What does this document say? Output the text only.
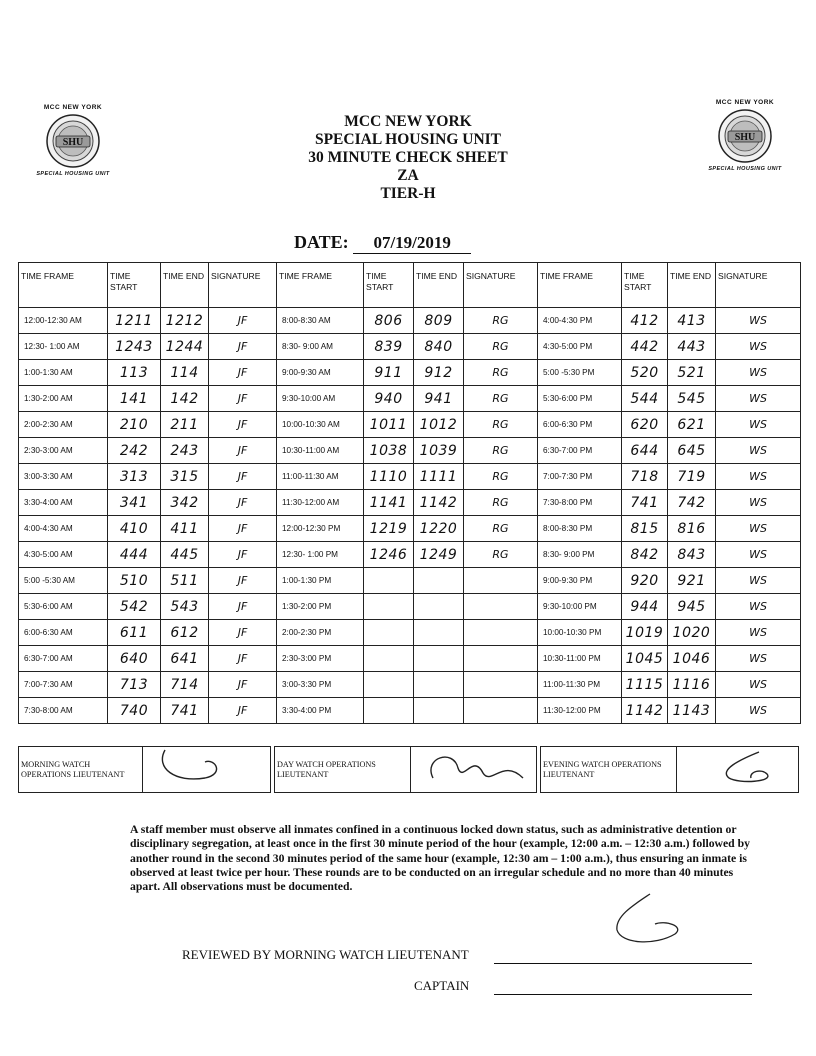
MCC NEW YORK
SHU
SPECIAL HOUSING UNIT
MCC NEW YORK
SHU
SPECIAL HOUSING UNIT
MCC NEW YORK
SPECIAL HOUSING UNIT
30 MINUTE CHECK SHEET
ZA
TIER-H
DATE: 07/19/2019
TIME FRAME	TIME START	TIME END	SIGNATURE	TIME FRAME	TIME START	TIME END	SIGNATURE	TIME FRAME	TIME START	TIME END	SIGNATURE
12:00-12:30 AM	1211	1212	JF	8:00-8:30 AM	806	809	RG	4:00-4:30 PM	412	413	WS
12:30- 1:00 AM	1243	1244	JF	8:30- 9:00 AM	839	840	RG	4:30-5:00 PM	442	443	WS
1:00-1:30 AM	113	114	JF	9:00-9:30 AM	911	912	RG	5:00 -5:30 PM	520	521	WS
1:30-2:00 AM	141	142	JF	9:30-10:00 AM	940	941	RG	5:30-6:00 PM	544	545	WS
2:00-2:30 AM	210	211	JF	10:00-10:30 AM	1011	1012	RG	6:00-6:30 PM	620	621	WS
2:30-3:00 AM	242	243	JF	10:30-11:00 AM	1038	1039	RG	6:30-7:00 PM	644	645	WS
3:00-3:30 AM	313	315	JF	11:00-11:30 AM	1110	1111	RG	7:00-7:30 PM	718	719	WS
3:30-4:00 AM	341	342	JF	11:30-12:00 AM	1141	1142	RG	7:30-8:00 PM	741	742	WS
4:00-4:30 AM	410	411	JF	12:00-12:30 PM	1219	1220	RG	8:00-8:30 PM	815	816	WS
4:30-5:00 AM	444	445	JF	12:30- 1:00 PM	1246	1249	RG	8:30- 9:00 PM	842	843	WS
5:00 -5:30 AM	510	511	JF	1:00-1:30 PM				9:00-9:30 PM	920	921	WS
5:30-6:00 AM	542	543	JF	1:30-2:00 PM				9:30-10:00 PM	944	945	WS
6:00-6:30 AM	611	612	JF	2:00-2:30 PM				10:00-10:30 PM	1019	1020	WS
6:30-7:00 AM	640	641	JF	2:30-3:00 PM				10:30-11:00 PM	1045	1046	WS
7:00-7:30 AM	713	714	JF	3:00-3:30 PM				11:00-11:30 PM	1115	1116	WS
7:30-8:00 AM	740	741	JF	3:30-4:00 PM				11:30-12:00 PM	1142	1143	WS
MORNING WATCH OPERATIONS LIEUTENANT			DAY WATCH OPERATIONS LIEUTENANT			EVENING WATCH OPERATIONS LIEUTENANT	
A staff member must observe all inmates confined in a continuous locked down status, such as administrative detention or disciplinary segregation, at least once in the first 30 minute period of the hour (example, 12:00 a.m. – 12:30 a.m.) followed by another round in the second 30 minutes period of the same hour (example, 12:30 am – 1:00 a.m.), thus ensuring an inmate is observed at least twice per hour. These rounds are to be conducted on an irregular schedule and no more than 40 minutes apart. All observations must be documented.
REVIEWED BY MORNING WATCH LIEUTENANT
CAPTAIN
